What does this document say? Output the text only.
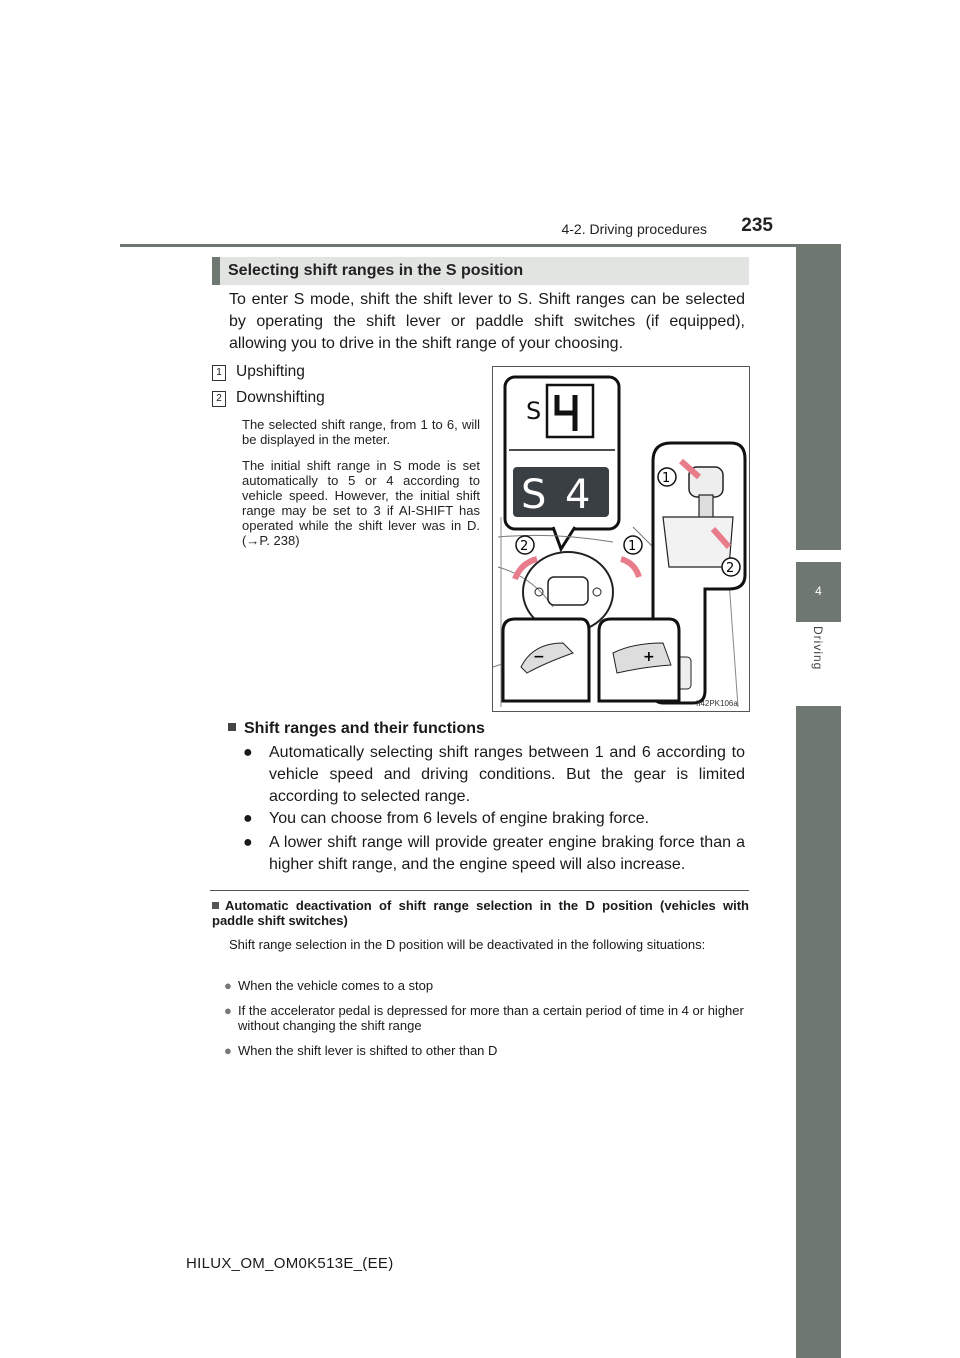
4-2. Driving procedures	235
4
Driving
Selecting shift ranges in the S position
To enter S mode, shift the shift lever to S. Shift ranges can be selected by operating the shift lever or paddle shift switches (if equipped), allowing you to drive in the shift range of your choosing.
1 Upshifting
2 Downshifting
The selected shift range, from 1 to 6, will be displayed in the meter.
The initial shift range in S mode is set automatically to 5 or 4 according to vehicle speed. However, the initial shift range may be set to 3 if AI-SHIFT has operated while the shift lever was in D. (→P. 238)
S
S 4
2	1
1
2
−	+
II42PK106a
Shift ranges and their functions
●	Automatically selecting shift ranges between 1 and 6 according to vehicle speed and driving conditions. But the gear is limited according to selected range.
●	You can choose from 6 levels of engine braking force.
●	A lower shift range will provide greater engine braking force than a higher shift range, and the engine speed will also increase.
Automatic deactivation of shift range selection in the D position (vehicles with paddle shift switches)
Shift range selection in the D position will be deactivated in the following situations:
● When the vehicle comes to a stop
● If the accelerator pedal is depressed for more than a certain period of time in 4 or higher without changing the shift range
● When the shift lever is shifted to other than D
HILUX_OM_OM0K513E_(EE)
